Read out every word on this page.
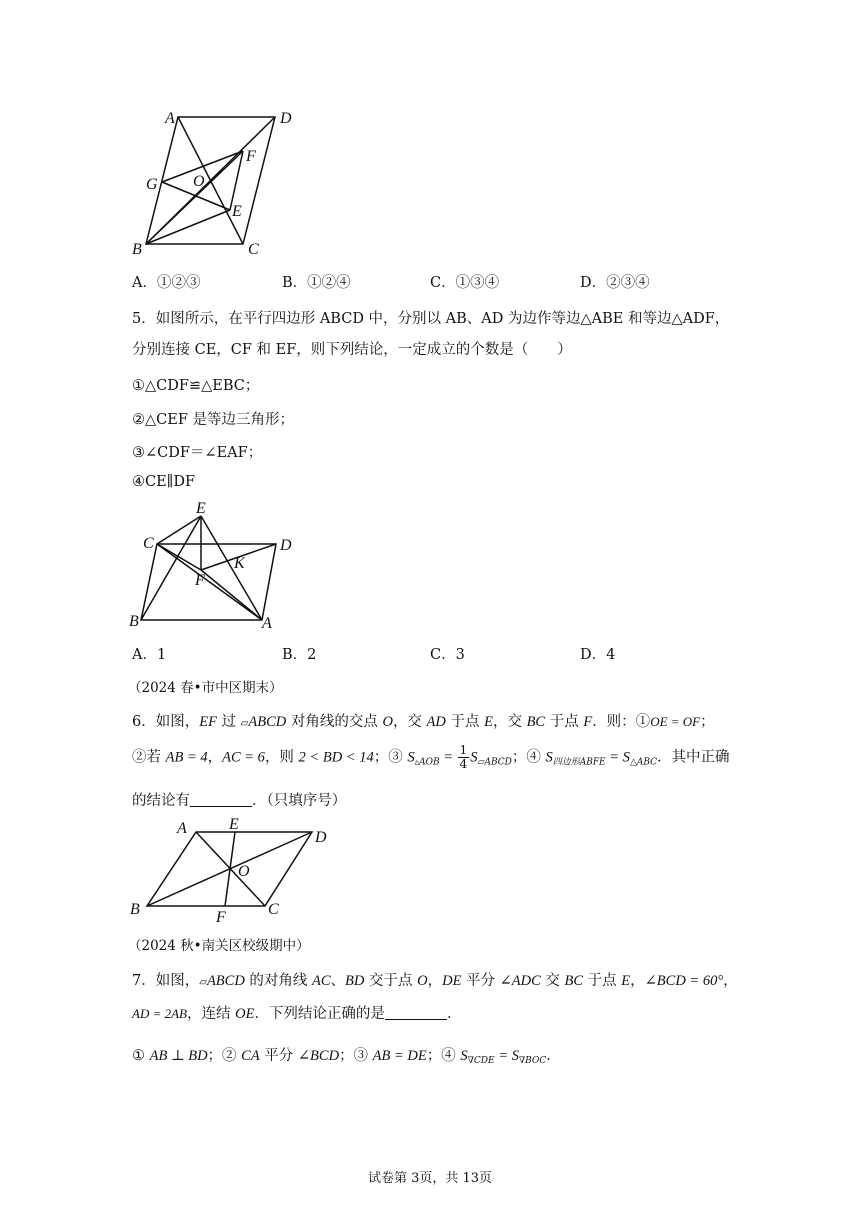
A	D
F
G O
E
B	C
A．①②③	B．①②④	C．①③④	D．②③④
5．如图所示，在平行四边形 ABCD 中，分别以 AB、AD 为边作等边△ABE 和等边△ADF，
分别连接 CE，CF 和 EF，则下列结论，一定成立的个数是（　　）
①△CDF≌△EBC；
②△CEF 是等边三角形；
③∠CDF＝∠EAF；
④CE∥DF
E
C	D
K
F
B	A
A．1	B．2	C．3	D．4
（2024 春•市中区期末）
6．如图，EF 过 ▱ABCD 对角线的交点 O，交 AD 于点 E，交 BC 于点 F．则：①OE = OF；
②若 AB = 4，AC = 6，则 2 < BD < 14；③ $S_{▵AOB} = \frac{1}{4} S_{▱ABCD}$；④ $S_{四边形ABFE} = S_{\triangle ABC}$．其中正确
的结论有	．（只填序号）
A	E
D
O
B	F	C
（2024 秋•南关区校级期中）
7．如图，▱ABCD 的对角线 AC、BD 交于点 O，DE 平分 ∠ADC 交 BC 于点 E，∠BCD = 60°，
AD = 2AB，连结 OE．下列结论正确的是	．
① AB ⊥ BD；② CA 平分 ∠BCD；③ AB = DE；④ $S_{\nabla CDE} = S_{\nabla BOC}$．
试卷第 3页，共 13页
